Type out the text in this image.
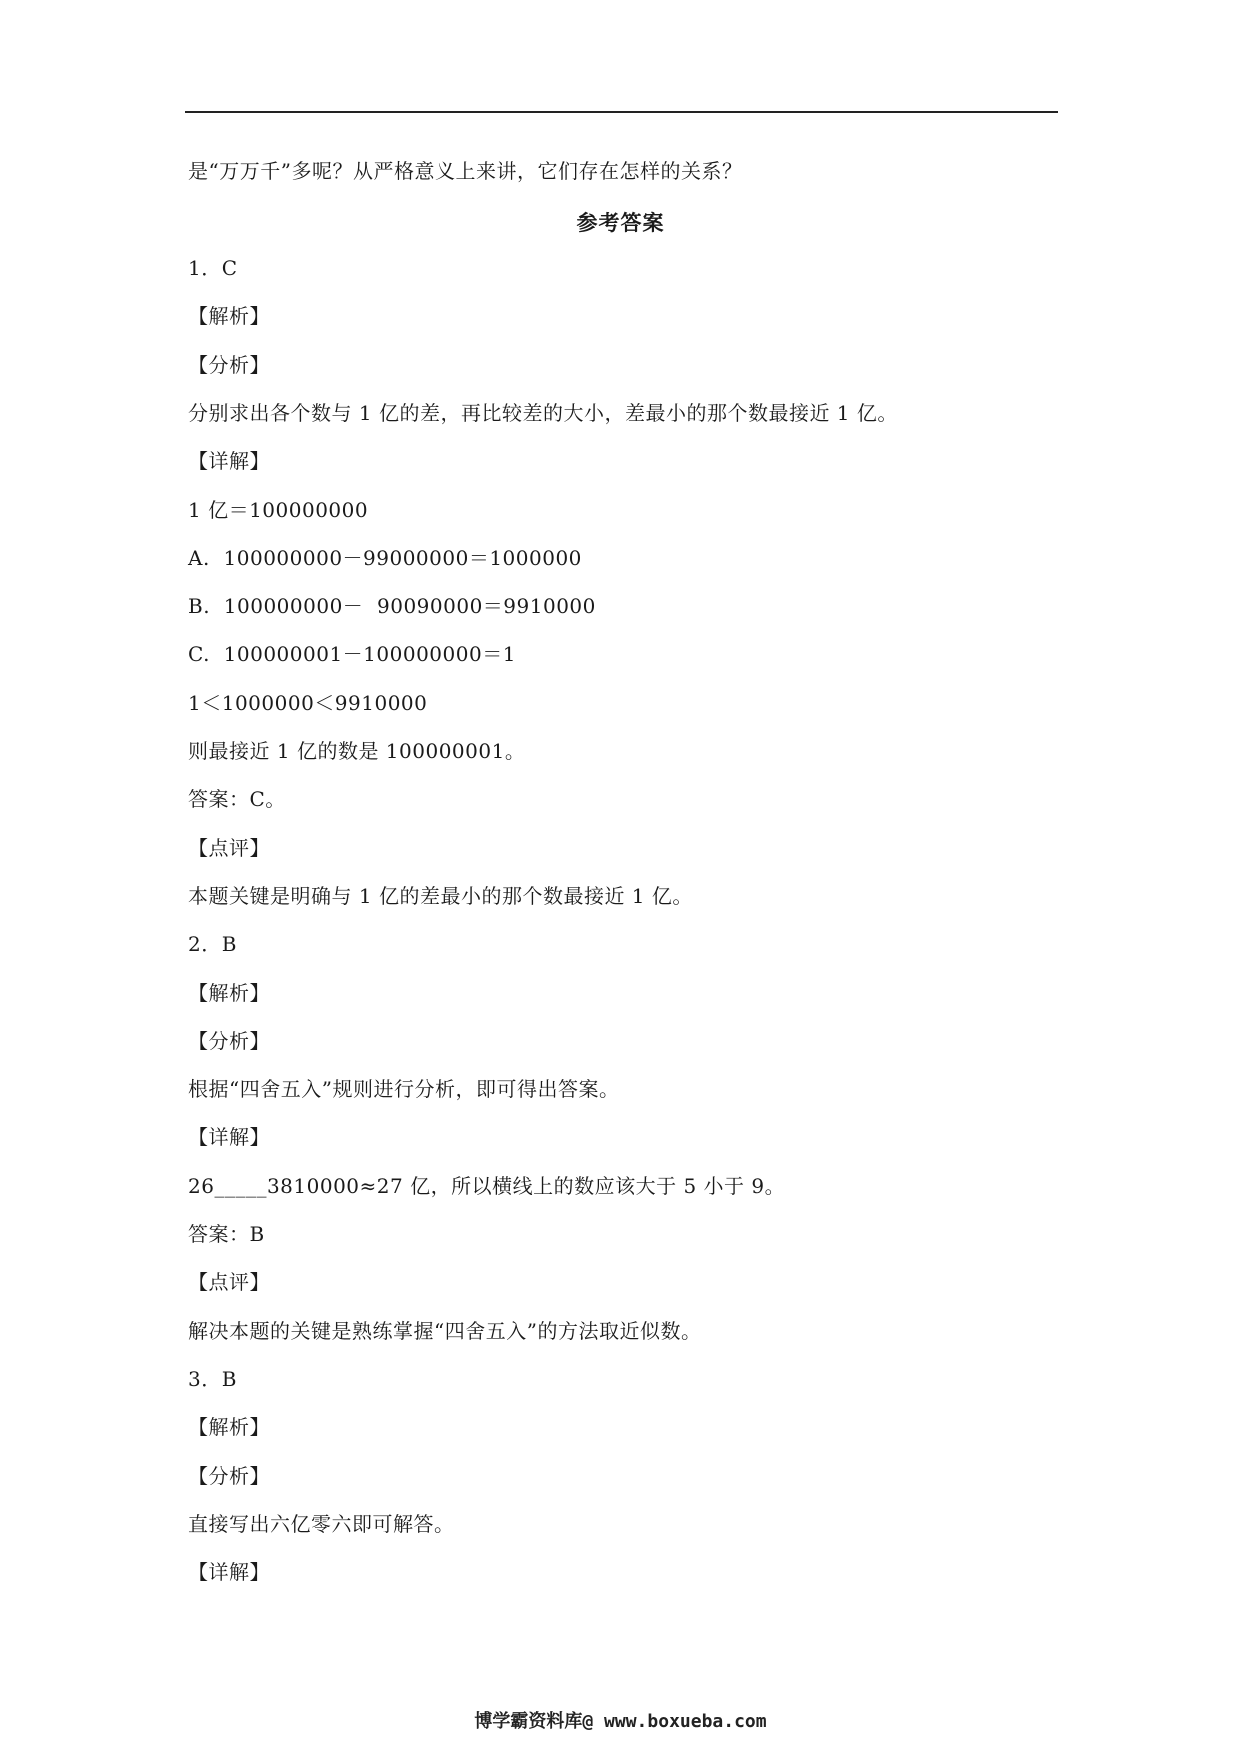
是“万万千”多呢？从严格意义上来讲，它们存在怎样的关系？
参考答案
1．C
【解析】
【分析】
分别求出各个数与 1 亿的差，再比较差的大小，差最小的那个数最接近 1 亿。
【详解】
1 亿＝100000000
A.  100000000－99000000＝1000000
B.  100000000－  90090000＝9910000
C.  100000001－100000000＝1
1＜1000000＜9910000
则最接近 1 亿的数是 100000001。
答案：C。
【点评】
本题关键是明确与 1 亿的差最小的那个数最接近 1 亿。
2．B
【解析】
【分析】
根据“四舍五入”规则进行分析，即可得出答案。
【详解】
26_____3810000≈27 亿，所以横线上的数应该大于 5 小于 9。
答案：B
【点评】
解决本题的关键是熟练掌握“四舍五入”的方法取近似数。
3．B
【解析】
【分析】
直接写出六亿零六即可解答。
【详解】
博学霸资料库@ www.boxueba.com
